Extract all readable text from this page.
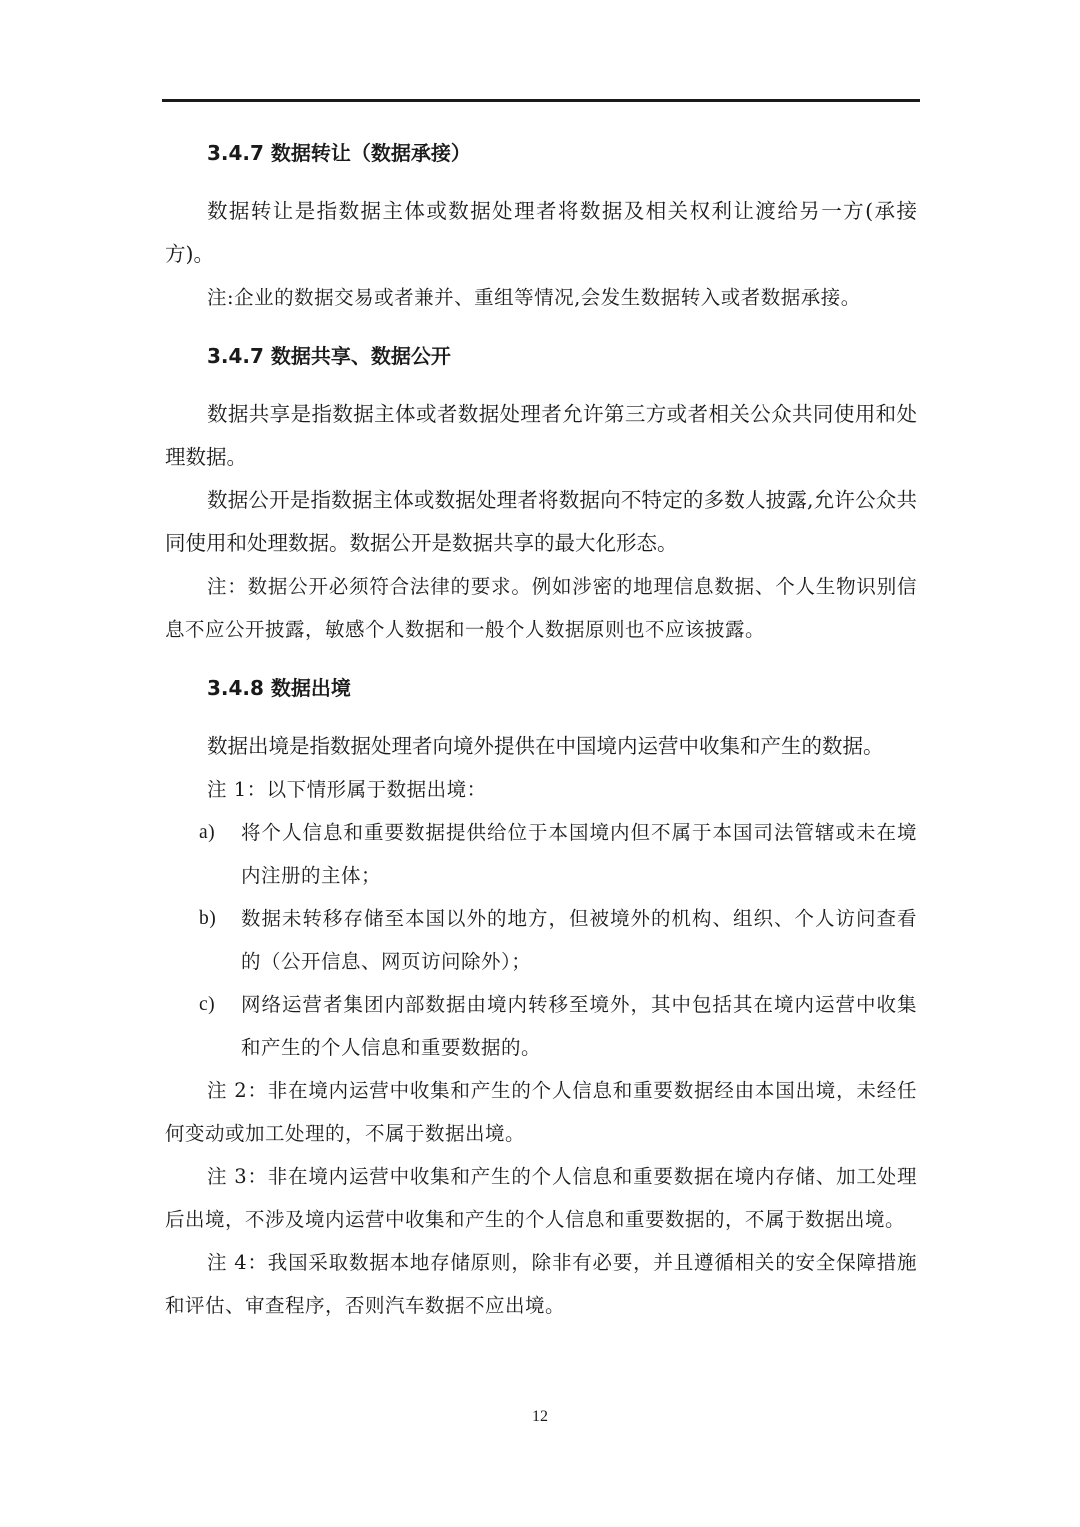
3.4.7 数据转让（数据承接）

数据转让是指数据主体或数据处理者将数据及相关权利让渡给另一方(承接方)。

注:企业的数据交易或者兼并、重组等情况,会发生数据转入或者数据承接。

3.4.7 数据共享、数据公开

数据共享是指数据主体或者数据处理者允许第三方或者相关公众共同使用和处理数据。

数据公开是指数据主体或数据处理者将数据向不特定的多数人披露,允许公众共同使用和处理数据。数据公开是数据共享的最大化形态。

注：数据公开必须符合法律的要求。例如涉密的地理信息数据、个人生物识别信息不应公开披露，敏感个人数据和一般个人数据原则也不应该披露。

3.4.8 数据出境

数据出境是指数据处理者向境外提供在中国境内运营中收集和产生的数据。

注 1：以下情形属于数据出境：

a)	将个人信息和重要数据提供给位于本国境内但不属于本国司法管辖或未在境内注册的主体；
b)	数据未转移存储至本国以外的地方，但被境外的机构、组织、个人访问查看的（公开信息、网页访问除外）；
c)	网络运营者集团内部数据由境内转移至境外，其中包括其在境内运营中收集和产生的个人信息和重要数据的。

注 2：非在境内运营中收集和产生的个人信息和重要数据经由本国出境，未经任何变动或加工处理的，不属于数据出境。

注 3：非在境内运营中收集和产生的个人信息和重要数据在境内存储、加工处理后出境，不涉及境内运营中收集和产生的个人信息和重要数据的，不属于数据出境。

注 4：我国采取数据本地存储原则，除非有必要，并且遵循相关的安全保障措施和评估、审查程序，否则汽车数据不应出境。

12
